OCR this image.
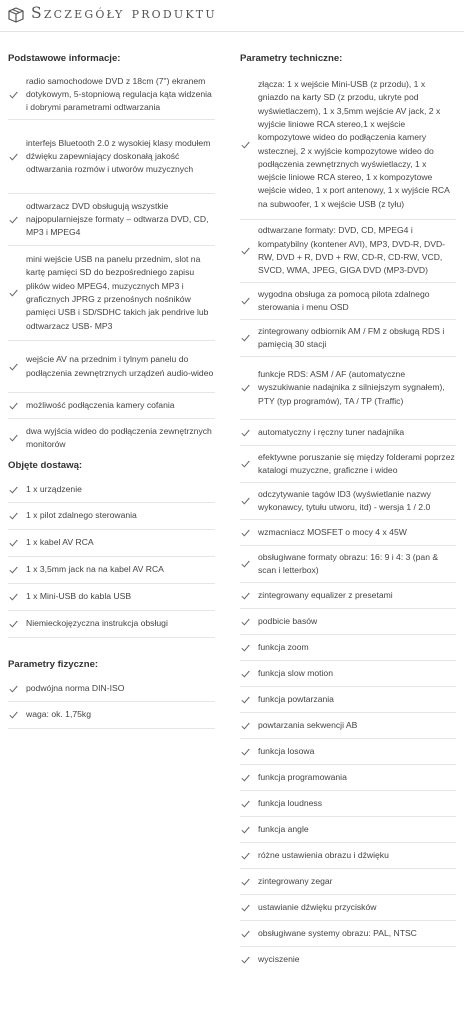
Szczegóły produktu
Podstawowe informacje:
radio samochodowe DVD z 18cm (7") ekranem dotykowym, 5-stopniową regulacja kąta widzenia i dobrymi parametrami odtwarzania
interfejs Bluetooth 2.0 z wysokiej klasy modułem dźwięku zapewniający doskonałą jakość odtwarzania rozmów i utworów muzycznych
odtwarzacz DVD obsługują wszystkie najpopularniejsze formaty – odtwarza DVD, CD, MP3 i MPEG4
mini wejście USB na panelu przednim, slot na kartę pamięci SD do bezpośredniego zapisu plików wideo MPEG4, muzycznych MP3 i graficznych JPRG z przenośnych nośników pamięci USB i SD/SDHC takich jak pendrive lub odtwarzacz USB- MP3
wejście AV na przednim i tylnym panelu do podłączenia zewnętrznych urządzeń audio-wideo
możliwość podłączenia kamery cofania
dwa wyjścia wideo do podłączenia zewnętrznych monitorów
Objęte dostawą:
1 x urządzenie
1 x pilot zdalnego sterowania
1 x kabel AV RCA
1 x 3,5mm jack na na kabel AV RCA
1 x Mini-USB do kabla USB
Niemieckojęzyczna instrukcja obsługi
Parametry fizyczne:
podwójna norma DIN-ISO
waga: ok. 1,75kg
Parametry techniczne:
złącza: 1 x wejście Mini-USB (z przodu), 1 x gniazdo na karty SD (z przodu, ukryte pod wyświetlaczem), 1 x 3,5mm wejście AV jack, 2 x wyjście liniowe RCA stereo,1 x wejście kompozytowe wideo do podłączenia kamery wstecznej, 2 x wyjście kompozytowe wideo do podłączenia zewnętrznych wyświetlaczy, 1 x wejście liniowe RCA stereo, 1 x kompozytowe wejście wideo, 1 x port antenowy, 1 x wyjście RCA na subwoofer, 1 x wejście USB (z tyłu)
odtwarzane formaty: DVD, CD, MPEG4 i kompatybilny (kontener AVI), MP3, DVD-R, DVD-RW, DVD + R, DVD + RW, CD-R, CD-RW, VCD, SVCD, WMA, JPEG, GIGA DVD (MP3-DVD)
wygodna obsługa za pomocą pilota zdalnego sterowania i menu OSD
zintegrowany odbiornik AM / FM z obsługą RDS i pamięcią 30 stacji
funkcje RDS: ASM / AF (automatyczne wyszukiwanie nadajnika z silniejszym sygnałem), PTY (typ programów), TA / TP (Traffic)
automatyczny i ręczny tuner nadajnika
efektywne poruszanie się między folderami poprzez katalogi muzyczne, graficzne i wideo
odczytywanie tagów ID3 (wyświetlanie nazwy wykonawcy, tytułu utworu, itd) - wersja 1 / 2.0
wzmacniacz MOSFET o mocy 4 x 45W
obsługiwane formaty obrazu: 16: 9 i 4: 3 (pan & scan i letterbox)
zintegrowany equalizer z presetami
podbicie basów
funkcja zoom
funkcja slow motion
funkcja powtarzania
powtarzania sekwencji AB
funkcja losowa
funkcja programowania
funkcja loudness
funkcja angle
różne ustawienia obrazu i dźwięku
zintegrowany zegar
ustawianie dźwięku przycisków
obsługiwane systemy obrazu: PAL, NTSC
wyciszenie
